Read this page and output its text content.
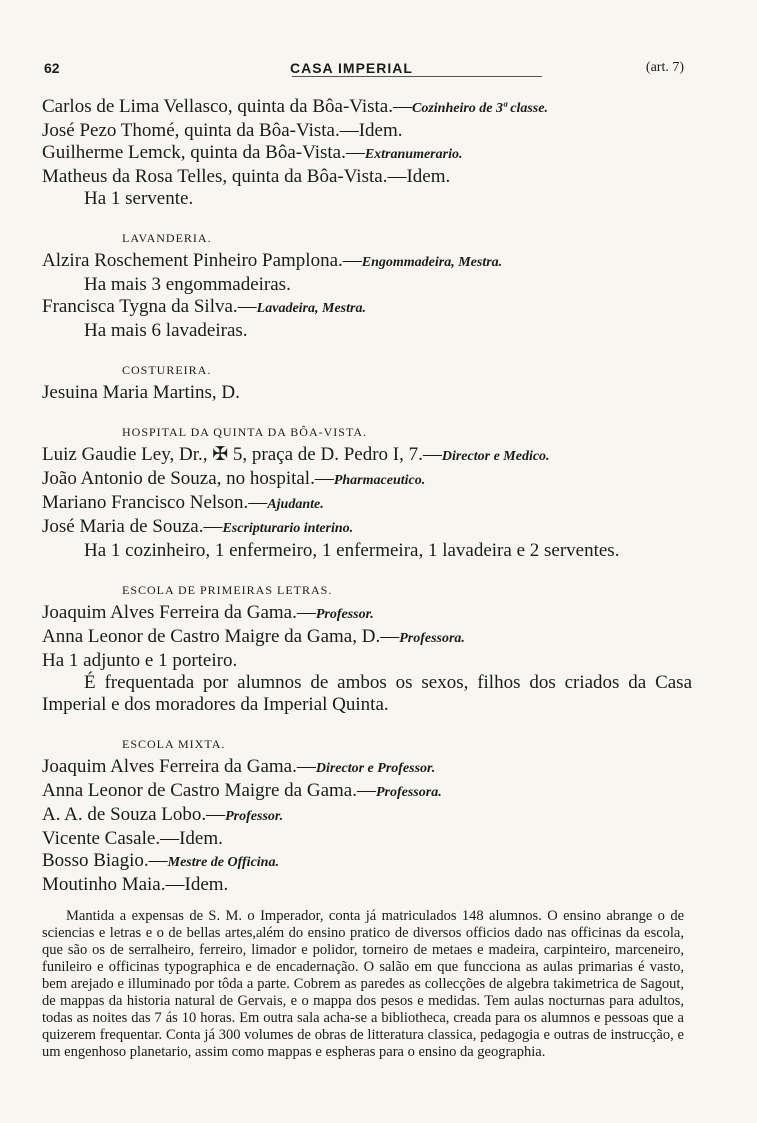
62	CASA IMPERIAL	(art. 7)
Carlos de Lima Vellasco, quinta da Bôa-Vista.—Cozinheiro de 3ª classe.
José Pezo Thomé, quinta da Bôa-Vista.—Idem.
Guilherme Lemck, quinta da Bôa-Vista.—Extranumerario.
Matheus da Rosa Telles, quinta da Bôa-Vista.—Idem.
Ha 1 servente.
LAVANDERIA.
Alzira Roschement Pinheiro Pamplona.—Engommadeira, Mestra.
Ha mais 3 engommadeiras.
Francisca Tygna da Silva.—Lavadeira, Mestra.
Ha mais 6 lavadeiras.
COSTUREIRA.
Jesuina Maria Martins, D.
HOSPITAL DA QUINTA DA BÔA-VISTA.
Luiz Gaudie Ley, Dr., ✠ 5, praça de D. Pedro I, 7.—Director e Medico.
João Antonio de Souza, no hospital.—Pharmaceutico.
Mariano Francisco Nelson.—Ajudante.
José Maria de Souza.—Escripturario interino.
Ha 1 cozinheiro, 1 enfermeiro, 1 enfermeira, 1 lavadeira e 2 serventes.
ESCOLA DE PRIMEIRAS LETRAS.
Joaquim Alves Ferreira da Gama.—Professor.
Anna Leonor de Castro Maigre da Gama, D.—Professora.
Ha 1 adjunto e 1 porteiro.
É frequentada por alumnos de ambos os sexos, filhos dos criados da Casa Imperial e dos moradores da Imperial Quinta.
ESCOLA MIXTA.
Joaquim Alves Ferreira da Gama.—Director e Professor.
Anna Leonor de Castro Maigre da Gama.—Professora.
A. A. de Souza Lobo.—Professor.
Vicente Casale.—Idem.
Bosso Biagio.—Mestre de Officina.
Moutinho Maia.—Idem.
Mantida a expensas de S. M. o Imperador, conta já matriculados 148 alumnos. O ensino abrange o de sciencias e letras e o de bellas artes,além do ensino pratico de diversos officios dado nas officinas da escola, que são os de serralheiro, ferreiro, limador e polidor, torneiro de metaes e madeira, carpinteiro, marceneiro, funileiro e officinas typographica e de encadernação. O salão em que funcciona as aulas primarias é vasto, bem arejado e illuminado por tôda a parte. Cobrem as paredes as collecções de algebra takimetrica de Sagout, de mappas da historia natural de Gervais, e o mappa dos pesos e medidas. Tem aulas nocturnas para adultos, todas as noites das 7 ás 10 horas. Em outra sala acha-se a bibliotheca, creada para os alumnos e pessoas que a quizerem frequentar. Conta já 300 volumes de obras de litteratura classica, pedagogia e outras de instrucção, e um engenhoso planetario, assim como mappas e espheras para o ensino da geographia.
